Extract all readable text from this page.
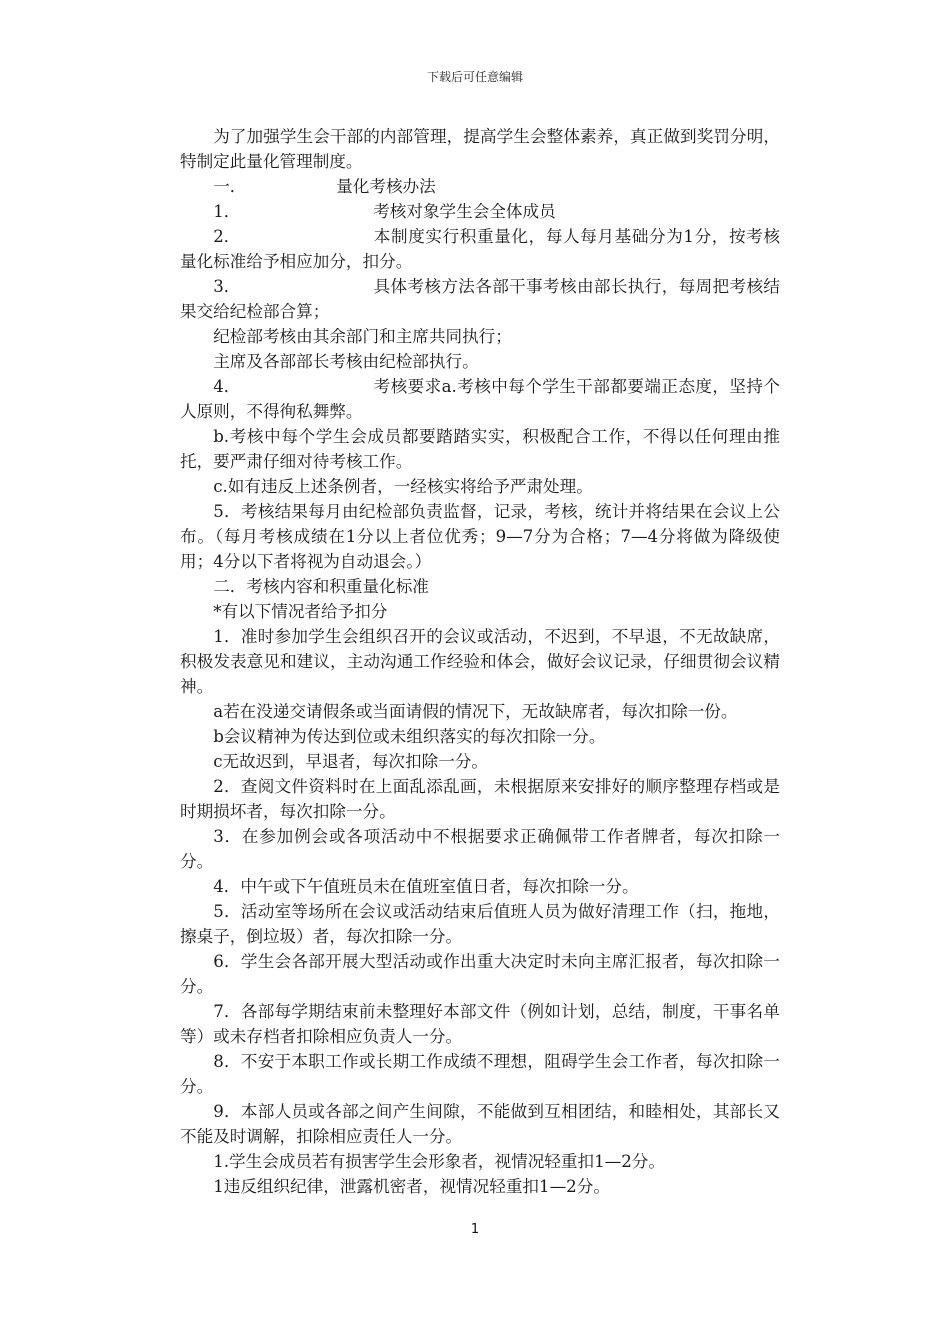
下载后可任意编辑

为了加强学生会干部的内部管理，提高学生会整体素养，真正做到奖罚分明，特制定此量化管理制度。

一．	量化考核办法

1．	考核对象学生会全体成员

2．	本制度实行积重量化，每人每月基础分为1分，按考核量化标准给予相应加分，扣分。

3．	具体考核方法各部干事考核由部长执行，每周把考核结果交给纪检部合算；

纪检部考核由其余部门和主席共同执行；

主席及各部部长考核由纪检部执行。

4．	考核要求a.考核中每个学生干部都要端正态度，坚持个人原则，不得徇私舞弊。

b.考核中每个学生会成员都要踏踏实实，积极配合工作，不得以任何理由推托，要严肃仔细对待考核工作。

c.如有违反上述条例者，一经核实将给予严肃处理。

5．考核结果每月由纪检部负责监督，记录，考核，统计并将结果在会议上公布。（每月考核成绩在1分以上者位优秀；9—7分为合格；7—4分将做为降级使用；4分以下者将视为自动退会。）

二．考核内容和积重量化标准

*有以下情况者给予扣分

1．准时参加学生会组织召开的会议或活动，不迟到，不早退，不无故缺席，积极发表意见和建议，主动沟通工作经验和体会，做好会议记录，仔细贯彻会议精神。

a若在没递交请假条或当面请假的情况下，无故缺席者，每次扣除一份。

b会议精神为传达到位或未组织落实的每次扣除一分。

c无故迟到，早退者，每次扣除一分。

2．查阅文件资料时在上面乱添乱画，未根据原来安排好的顺序整理存档或是时期损坏者，每次扣除一分。

3．在参加例会或各项活动中不根据要求正确佩带工作者牌者，每次扣除一分。

4．中午或下午值班员未在值班室值日者，每次扣除一分。

5．活动室等场所在会议或活动结束后值班人员为做好清理工作（扫，拖地，擦桌子，倒垃圾）者，每次扣除一分。

6．学生会各部开展大型活动或作出重大决定时未向主席汇报者，每次扣除一分。

7．各部每学期结束前未整理好本部文件（例如计划，总结，制度，干事名单等）或未存档者扣除相应负责人一分。

8．不安于本职工作或长期工作成绩不理想，阻碍学生会工作者，每次扣除一分。

9．本部人员或各部之间产生间隙，不能做到互相团结，和睦相处，其部长又不能及时调解，扣除相应责任人一分。

1.学生会成员若有损害学生会形象者，视情况轻重扣1—2分。

1违反组织纪律，泄露机密者，视情况轻重扣1—2分。

1
